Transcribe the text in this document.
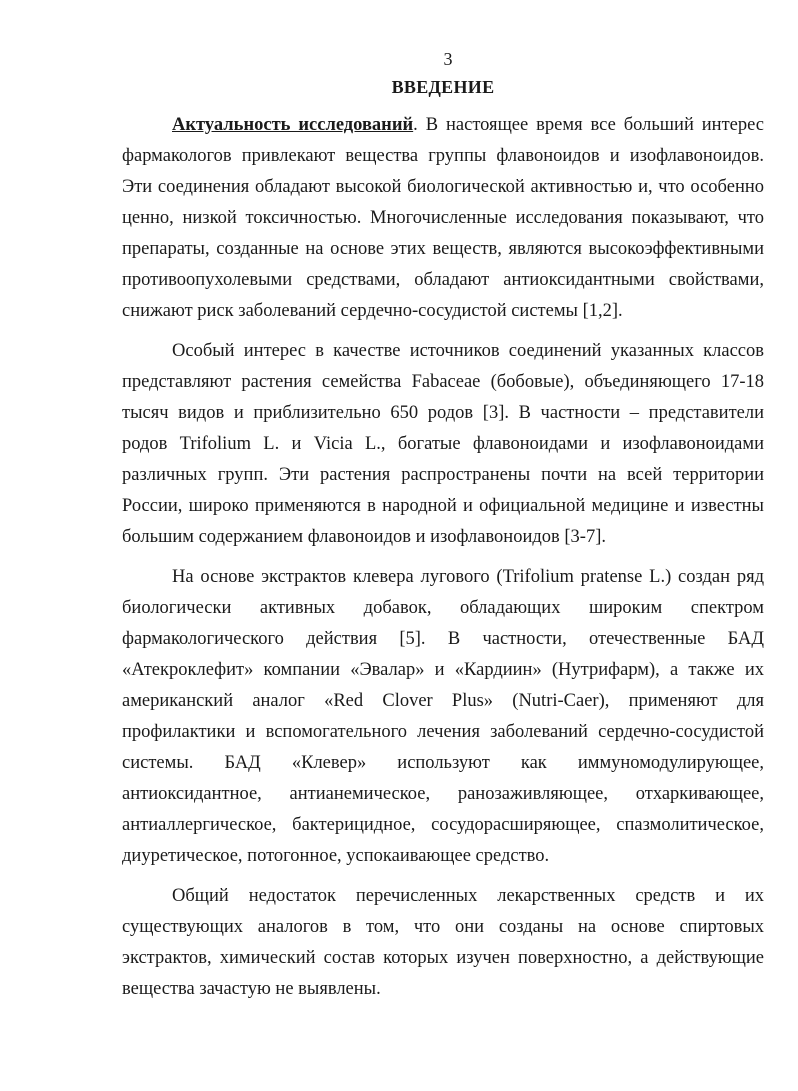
3

ВВЕДЕНИЕ

Актуальность исследований. В настоящее время все больший интерес фармакологов привлекают вещества группы флавоноидов и изофлавоноидов. Эти соединения обладают высокой биологической активностью и, что особенно ценно, низкой токсичностью. Многочисленные исследования показывают, что препараты, созданные на основе этих веществ, являются высокоэффективными противоопухолевыми средствами, обладают антиоксидантными свойствами, снижают риск заболеваний сердечно-сосудистой системы [1,2].

Особый интерес в качестве источников соединений указанных классов представляют растения семейства Fabaceae (бобовые), объединяющего 17-18 тысяч видов и приблизительно 650 родов [3]. В частности – представители родов Trifolium L. и Vicia L., богатые флавоноидами и изофлавоноидами различных групп. Эти растения распространены почти на всей территории России, широко применяются в народной и официальной медицине и известны большим содержанием флавоноидов и изофлавоноидов [3-7].

На основе экстрактов клевера лугового (Trifolium pratense L.) создан ряд биологически активных добавок, обладающих широким спектром фармакологического действия [5]. В частности, отечественные БАД «Атекроклефит» компании «Эвалар» и «Кардиин» (Нутрифарм), а также их американский аналог «Red Clover Plus» (Nutri-Caer), применяют для профилактики и вспомогательного лечения заболеваний сердечно-сосудистой системы. БАД «Клевер» используют как иммуномодулирующее, антиоксидантное, антианемическое, ранозаживляющее, отхаркивающее, антиаллергическое, бактерицидное, сосудорасширяющее, спазмолитическое, диуретическое, потогонное, успокаивающее средство.

Общий недостаток перечисленных лекарственных средств и их существующих аналогов в том, что они созданы на основе спиртовых экстрактов, химический состав которых изучен поверхностно, а действующие вещества зачастую не выявлены.
